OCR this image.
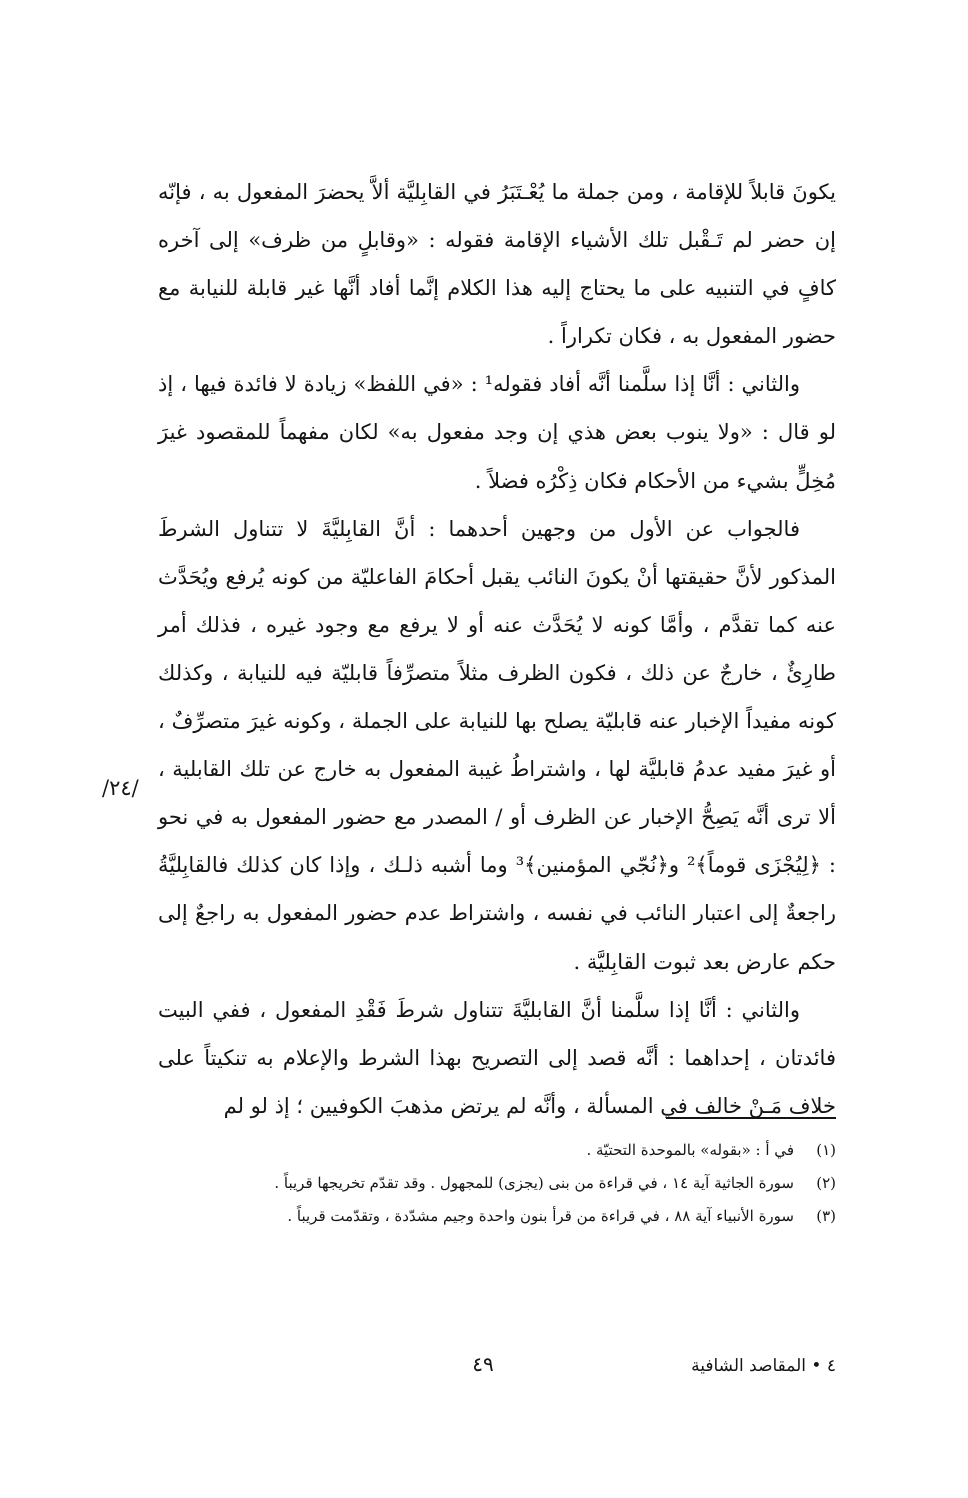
يكونَ قابلاً للإقامة ، ومن جملة ما يُعْـتَبَرُ في القابِليَّة ألاَّ يحضرَ المفعول به ، فإنّه إن حضر لم تَـقْبل تلك الأشياء الإقامة فقوله : «وقابلٍ من ظرف» إلى آخره كافٍ في التنبيه على ما يحتاج إليه هذا الكلام إنَّما أفاد أنَّها غير قابلة للنيابة مع حضور المفعول به ، فكان تكراراً .

والثاني : أنَّا إذا سلَّمنا أنَّه أفاد فقوله¹ : «في اللفظ» زيادة لا فائدة فيها ، إذ لو قال : «ولا ينوب بعض هذي إن وجد مفعول به» لكان مفهماً للمقصود غيرَ مُخِلٍّ بشيء من الأحكام فكان ذِكْرُه فضلاً .

فالجواب عن الأول من وجهين أحدهما : أنَّ القابِليَّةَ لا تتناول الشرطَ المذكور لأنَّ حقيقتها أنْ يكونَ النائب يقبل أحكامَ الفاعليّة من كونه يُرفع ويُحَدَّث عنه كما تقدَّم ، وأمَّا كونه لا يُحَدَّث عنه أو لا يرفع مع وجود غيره ، فذلك أمر طارِئٌ ، خارجٌ عن ذلك ، فكون الظرف مثلاً متصرِّفاً قابليّة فيه للنيابة ، وكذلك كونه مفيداً الإخبار عنه قابليّة يصلح بها للنيابة على الجملة ، وكونه غيرَ متصرِّفٌ ، أو غيرَ مفيد عدمُ قابليَّة لها ، واشتراطُ غيبة المفعول به خارج عن تلك القابلية ، ألا ترى أنَّه يَصِحُّ الإخبار عن الظرف أو / المصدر مع حضور المفعول به في نحو : ﴿لِيُجْزَى قوماً﴾² و﴿نُجّي المؤمنين﴾³ وما أشبه ذلـك ، وإذا كان كذلك فالقابِليَّةُ راجعةٌ إلى اعتبار النائب في نفسه ، واشتراط عدم حضور المفعول به راجعٌ إلى حكم عارض بعد ثبوت القابِليَّة .

والثاني : أنَّا إذا سلَّمنا أنَّ القابليَّةَ تتناول شرطَ فَقْدِ المفعول ، ففي البيت فائدتان ، إحداهما : أنَّه قصد إلى التصريح بهذا الشرط والإعلام به تنكيتاً على خلاف مَـنْ خالف في المسألة ، وأنَّه لم يرتض مذهبَ الكوفيين ؛ إذ لو لم

/٢٤/
(١)
في أ : «بقوله» بالموحدة التحتيّة .
(٢)
سورة الجاثية آية ١٤ ، في قراءة من بنى (يجزى) للمجهول . وقد تقدّم تخريجها قريباً .
(٣)
سورة الأنبياء آية ٨٨ ، في قراءة من قرأ بنون واحدة وجيم مشدّدة ، وتقدّمت قريباً .
٤٩	٤ • المقاصد الشافية
